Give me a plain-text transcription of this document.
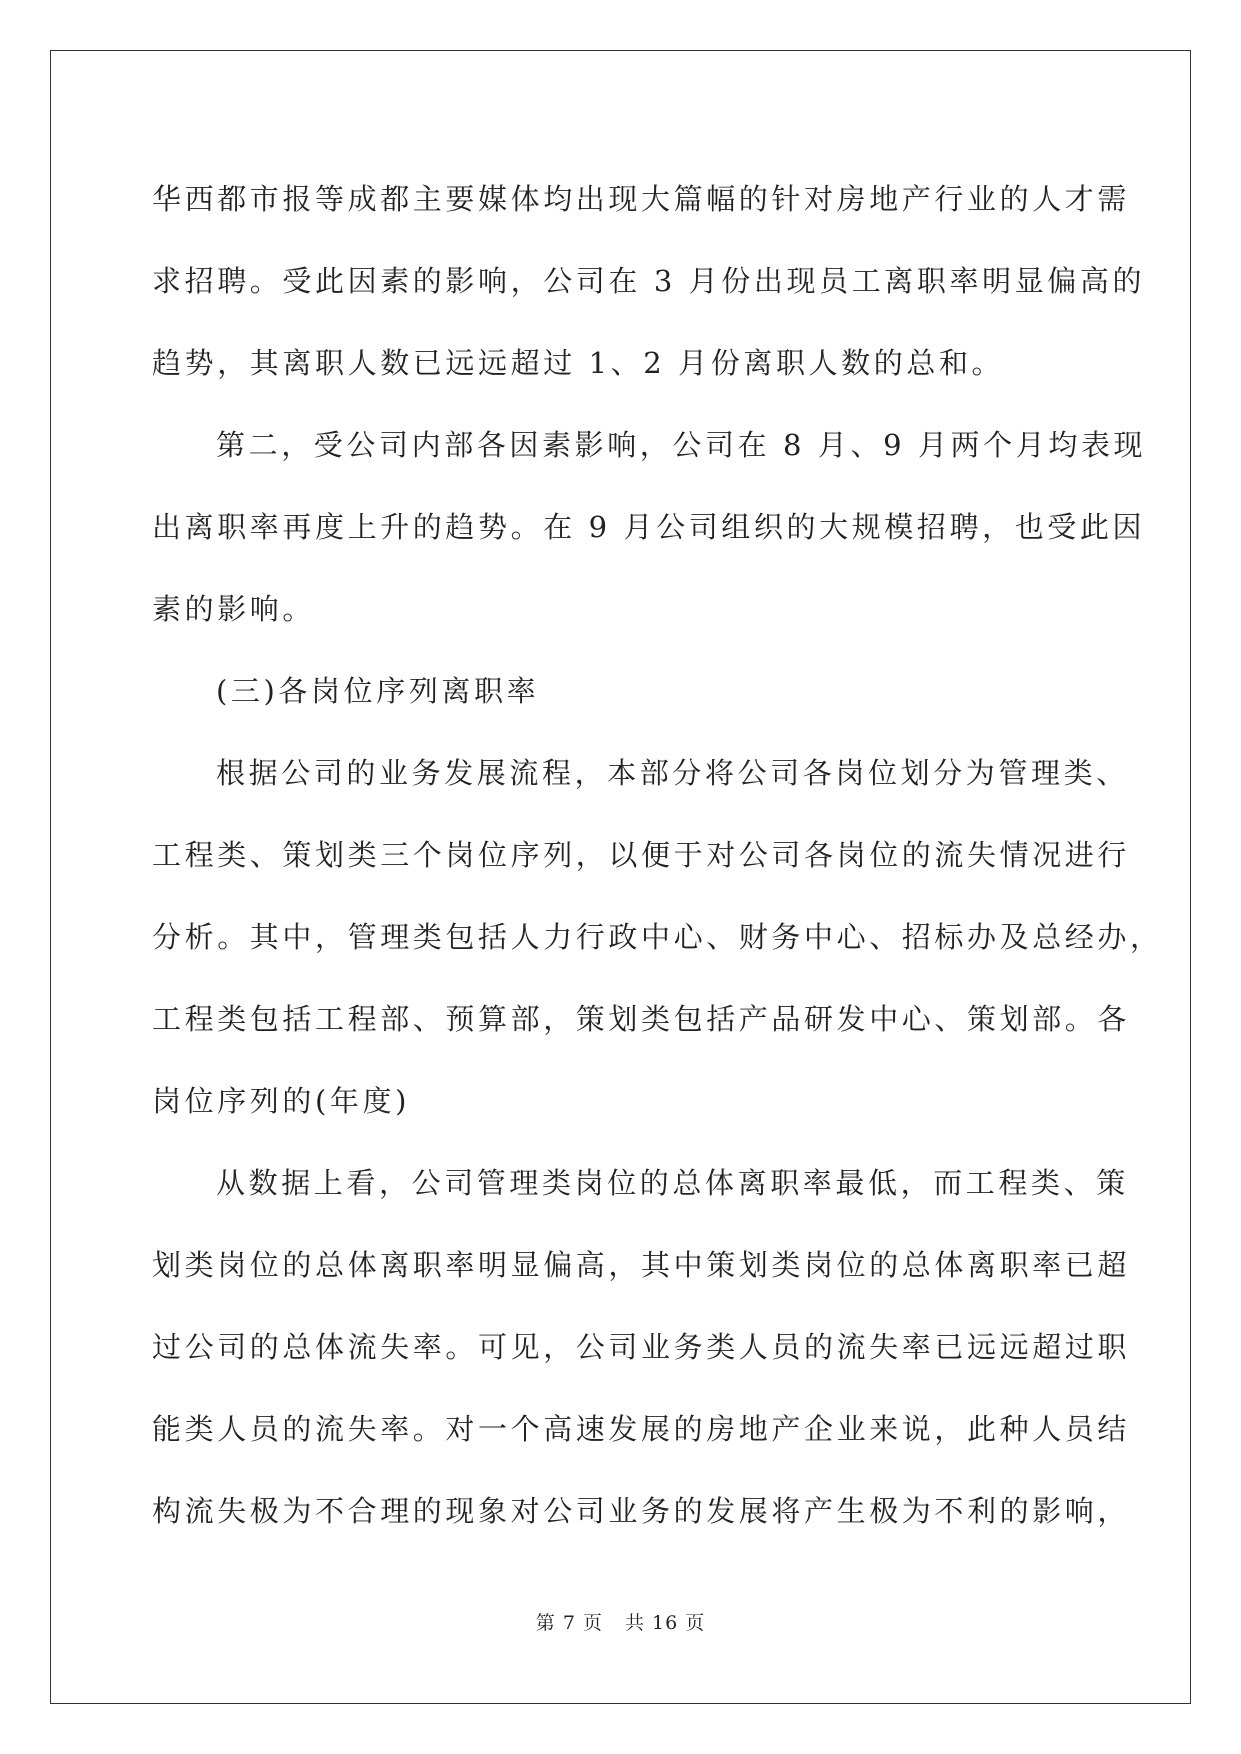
华西都市报等成都主要媒体均出现大篇幅的针对房地产行业的人才需
求招聘。受此因素的影响，公司在 3 月份出现员工离职率明显偏高的
趋势，其离职人数已远远超过 1、2 月份离职人数的总和。
第二，受公司内部各因素影响，公司在 8 月、9 月两个月均表现
出离职率再度上升的趋势。在 9 月公司组织的大规模招聘，也受此因
素的影响。
(三)各岗位序列离职率
根据公司的业务发展流程，本部分将公司各岗位划分为管理类、
工程类、策划类三个岗位序列，以便于对公司各岗位的流失情况进行
分析。其中，管理类包括人力行政中心、财务中心、招标办及总经办，
工程类包括工程部、预算部，策划类包括产品研发中心、策划部。各
岗位序列的(年度)
从数据上看，公司管理类岗位的总体离职率最低，而工程类、策
划类岗位的总体离职率明显偏高，其中策划类岗位的总体离职率已超
过公司的总体流失率。可见，公司业务类人员的流失率已远远超过职
能类人员的流失率。对一个高速发展的房地产企业来说，此种人员结
构流失极为不合理的现象对公司业务的发展将产生极为不利的影响，
第 7 页 共 16 页
